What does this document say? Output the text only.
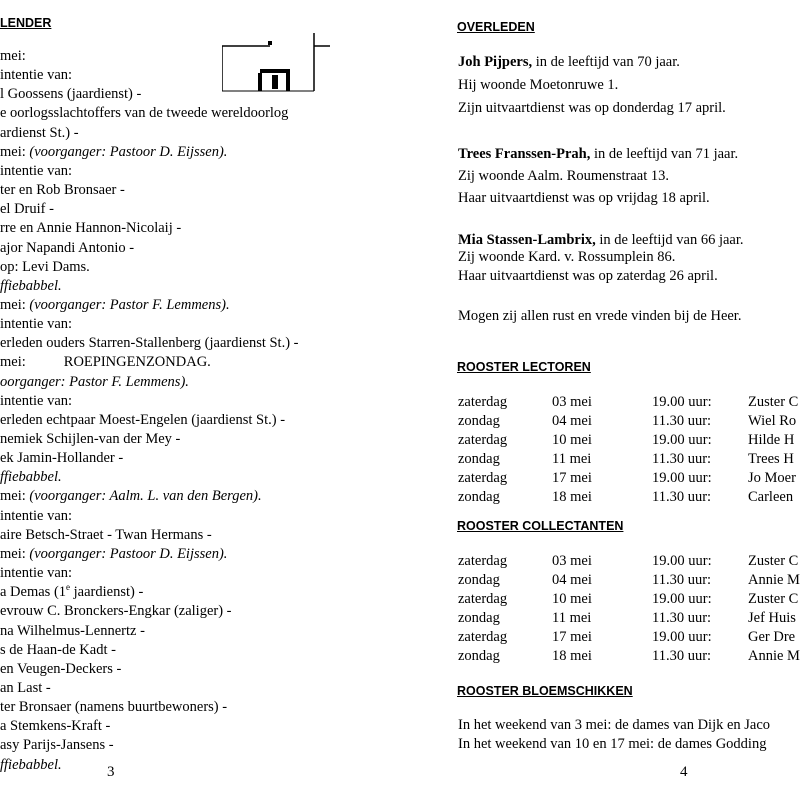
LENDER
mei:
intentie van:
l Goossens (jaardienst) -
e oorlogsslachtoffers van de tweede wereldoorlog
ardienst St.) -
mei: (voorganger: Pastoor D. Eijssen).
intentie van:
ter en Rob Bronsaer -
el Druif -
rre en Annie Hannon-Nicolaij -
ajor Napandi Antonio -
op: Levi Dams.
ffiebabbel.
mei: (voorganger: Pastor F. Lemmens).
intentie van:
erleden ouders Starren-Stallenberg (jaardienst St.) -
mei:	ROEPINGENZONDAG.
oorganger: Pastor F. Lemmens).
intentie van:
erleden echtpaar Moest-Engelen (jaardienst St.) -
nemiek Schijlen-van der Mey -
ek Jamin-Hollander -
ffiebabbel.
mei: (voorganger: Aalm. L. van den Bergen).
intentie van:
aire Betsch-Straet - Twan Hermans -
mei: (voorganger: Pastoor D. Eijssen).
intentie van:
a Demas (1e jaardienst) -
evrouw C. Bronckers-Engkar (zaliger) -
na Wilhelmus-Lennertz -
s de Haan-de Kadt -
en Veugen-Deckers -
an Last -
ter Bronsaer (namens buurtbewoners) -
a Stemkens-Kraft -
asy Parijs-Jansens -
ffiebabbel.	3
OVERLEDEN
Joh Pijpers, in de leeftijd van 70 jaar.
Hij woonde Moetonruwe 1.
Zijn uitvaartdienst was op donderdag 17 april.
Trees Franssen-Prah, in de leeftijd van 71 jaar.
Zij woonde Aalm. Roumenstraat 13.
Haar uitvaartdienst was op vrijdag 18 april.
Mia Stassen-Lambrix, in de leeftijd van 66 jaar.
Zij woonde Kard. v. Rossumplein 86.
Haar uitvaartdienst was op zaterdag 26 april.
Mogen zij allen rust en vrede vinden bij de Heer.
ROOSTER LECTOREN
zaterdag	03 mei	19.00 uur:	Zuster C
zondag	04 mei	11.30 uur:	Wiel Ro
zaterdag	10 mei	19.00 uur:	Hilde H
zondag	11 mei	11.30 uur:	Trees H
zaterdag	17 mei	19.00 uur:	Jo Moer
zondag	18 mei	11.30 uur:	Carleen
ROOSTER COLLECTANTEN
zaterdag	03 mei	19.00 uur:	Zuster C
zondag	04 mei	11.30 uur:	Annie M
zaterdag	10 mei	19.00 uur:	Zuster C
zondag	11 mei	11.30 uur:	Jef Huis
zaterdag	17 mei	19.00 uur:	Ger Dre
zondag	18 mei	11.30 uur:	Annie M
ROOSTER BLOEMSCHIKKEN
In het weekend van 3 mei: de dames van Dijk en Jaco
In het weekend van 10 en 17 mei: de dames Godding
4
